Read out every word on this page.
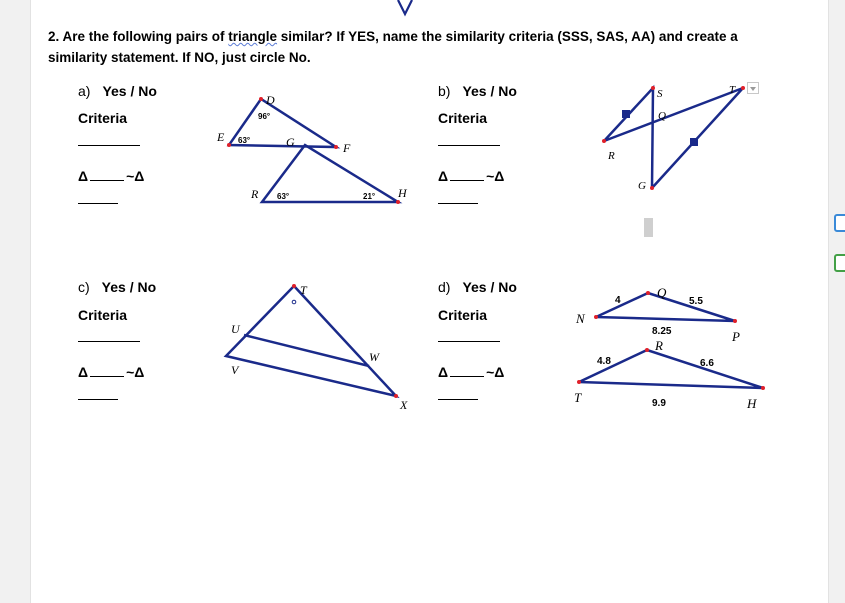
2. Are the following pairs of triangle similar? If YES, name the similarity criteria (SSS, SAS, AA) and create a similarity statement. If NO, just circle No.
a) Yes / No
Criteria
Δ	~Δ
b) Yes / No
Criteria
Δ	~Δ
c) Yes / No
Criteria
Δ	~Δ
d) Yes / No
Criteria
Δ	~Δ
D
E	G	F
R	H
96°
63°
63°	21°
S	T
Q
R
G
T
U
V
W
X
Q
N
P
R
T	H
4	5.5
8.25
4.8	6.6
9.9
